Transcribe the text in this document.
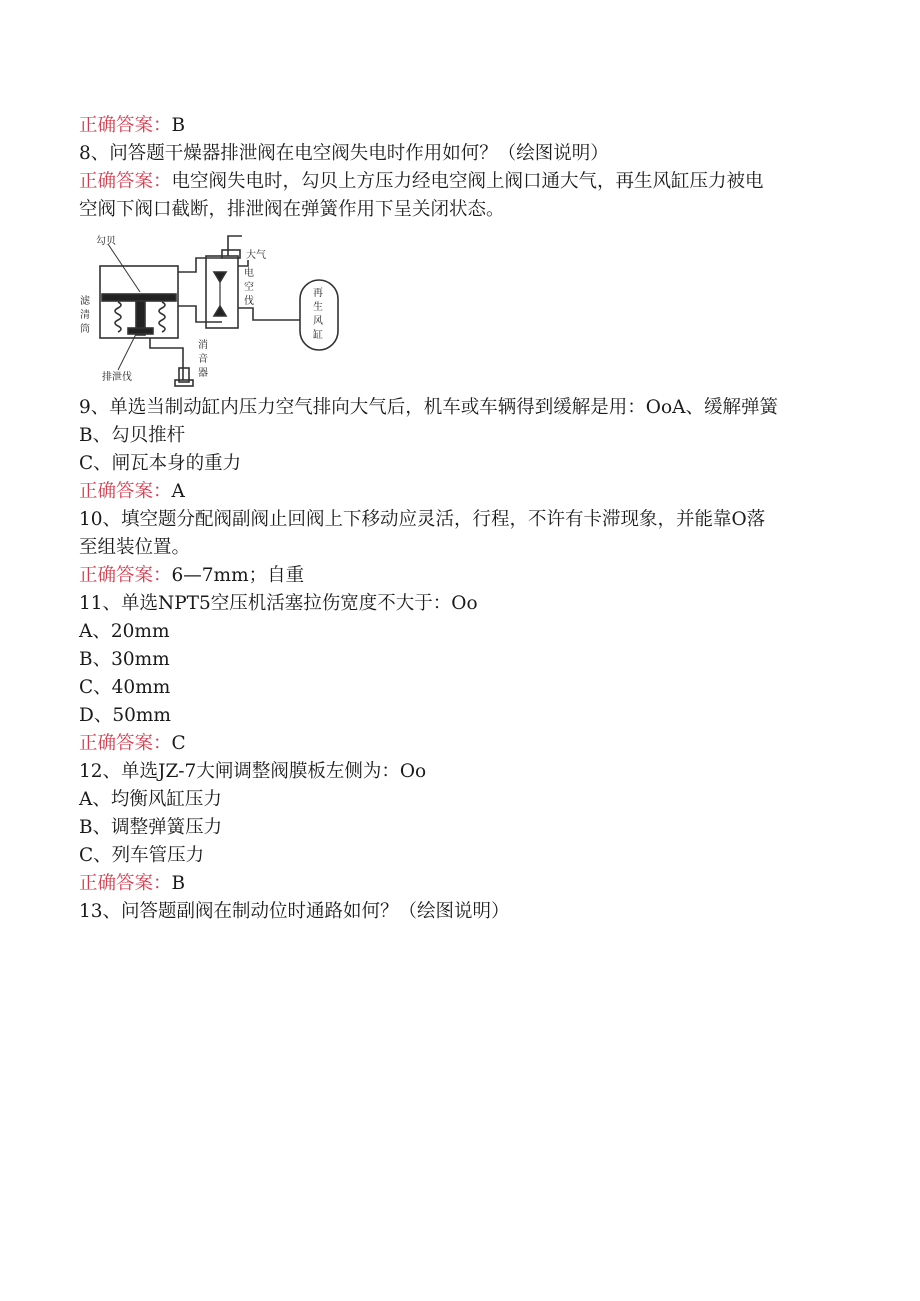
正确答案：B
8、问答题干燥器排泄阀在电空阀失电时作用如何？（绘图说明）
正确答案：电空阀失电时，勾贝上方压力经电空阀上阀口通大气，再生风缸压力被电
空阀下阀口截断，排泄阀在弹簧作用下呈关闭状态。
勾贝
大气
电
空
伐
滤
清
筒
再
生
风
缸
排泄伐
消
音
器
9、单选当制动缸内压力空气排向大气后，机车或车辆得到缓解是用：OoA、缓解弹簧
B、勾贝推杆
C、闸瓦本身的重力
正确答案：A
10、填空题分配阀副阀止回阀上下移动应灵活，行程，不许有卡滞现象，并能靠O落
至组装位置。
正确答案：6—7mm；自重
11、单选NPT5空压机活塞拉伤宽度不大于：Oo
A、20mm
B、30mm
C、40mm
D、50mm
正确答案：C
12、单选JZ-7大闸调整阀膜板左侧为：Oo
A、均衡风缸压力
B、调整弹簧压力
C、列车管压力
正确答案：B
13、问答题副阀在制动位时通路如何？（绘图说明）
